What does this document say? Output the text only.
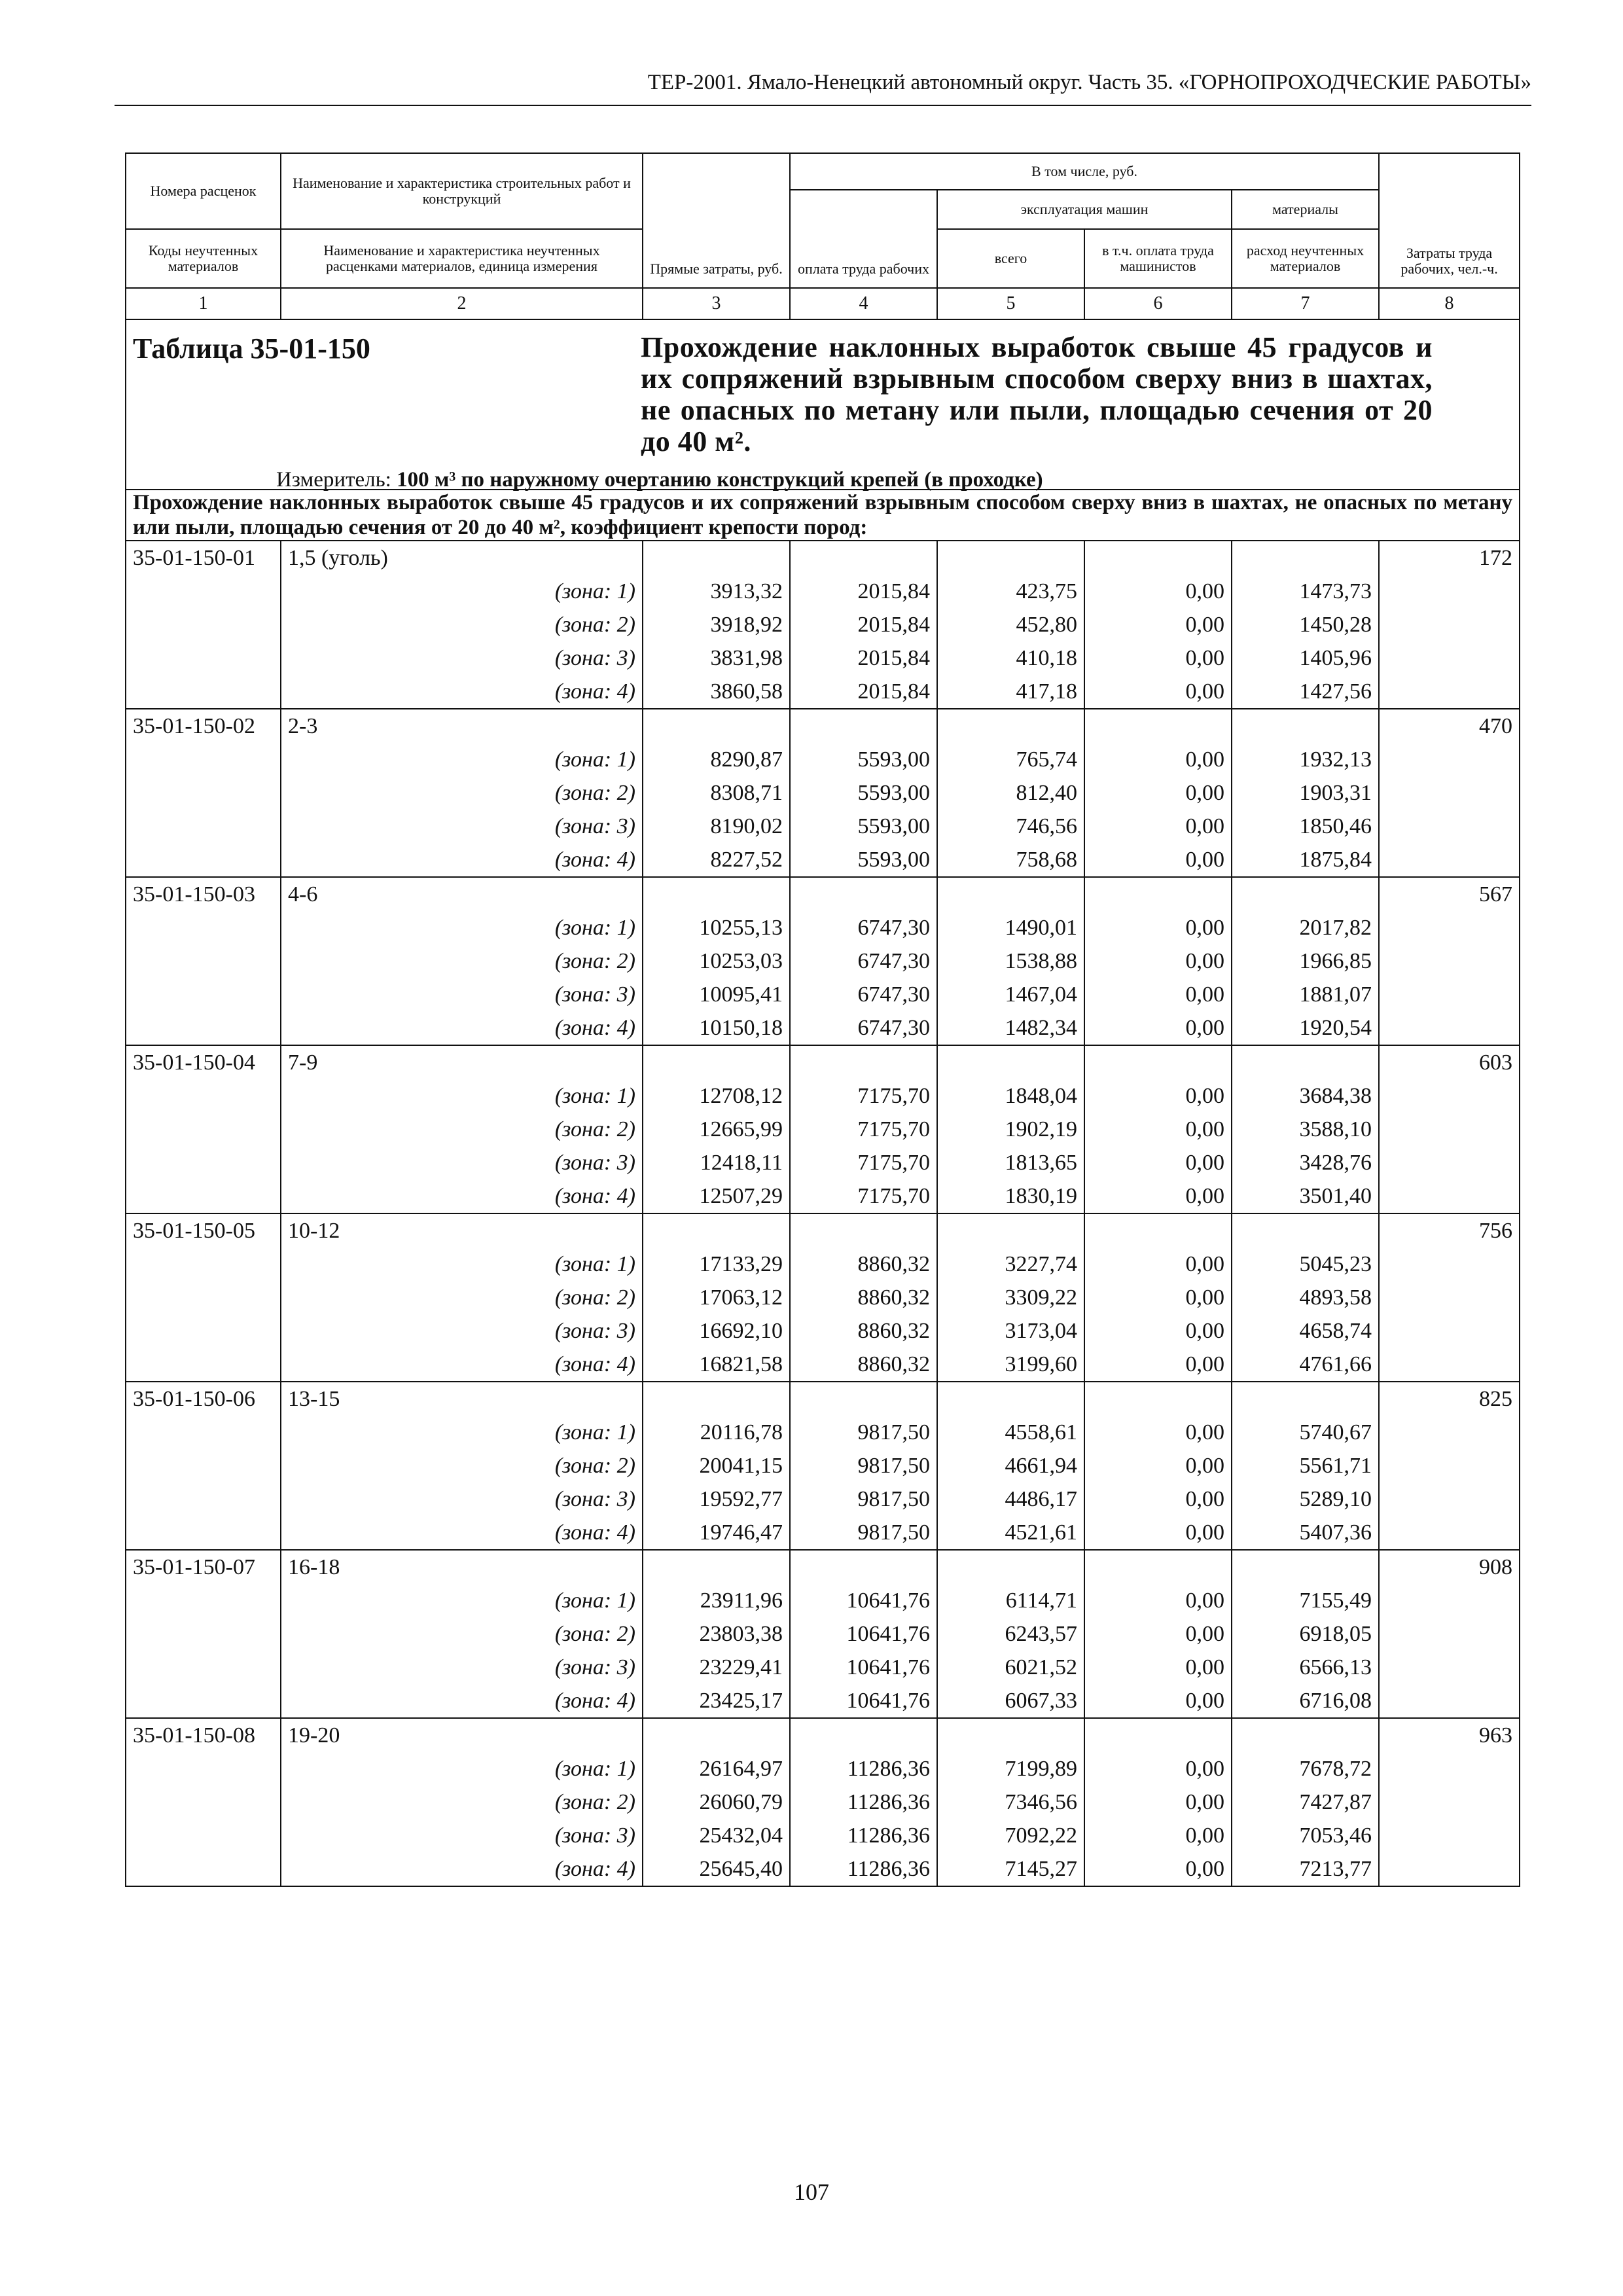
ТЕР-2001. Ямало-Ненецкий автономный округ. Часть 35. «ГОРНОПРОХОДЧЕСКИЕ РАБОТЫ»
Номера расценок	Наименование и характеристика строительных работ и конструкций	Прямые затраты, руб.	В том числе, руб.				Затраты труда рабочих, чел.-ч.
			оплата труда рабочих	эксплуатация машин		материалы	
Коды неучтенных материалов	Наименование и характеристика неучтенных расценками материалов, единица измерения			всего	в т.ч. оплата труда машинистов	расход неучтенных материалов	

1	2	3	4	5	6	7	8

Таблица 35-01-150 Прохождение наклонных выработок свыше 45 градусов и их сопряжений взрывным способом сверху вниз в шахтах, не опасных по метану или пыли, площадью сечения от 20 до 40 м².
Измеритель: 100 м³ по наружному очертанию конструкций крепей (в проходке)							

Прохождение наклонных выработок свыше 45 градусов и их сопряжений взрывным способом сверху вниз в шахтах, не опасных по метану или пыли, площадью сечения от 20 до 40 м², коэффициент крепости пород:							
35-01-150-01	1,5 (уголь)						172
	(зона: 1)	3913,32	2015,84	423,75	0,00	1473,73	
	(зона: 2)	3918,92	2015,84	452,80	0,00	1450,28	
	(зона: 3)	3831,98	2015,84	410,18	0,00	1405,96	
	(зона: 4)	3860,58	2015,84	417,18	0,00	1427,56	
35-01-150-02	2-3						470
	(зона: 1)	8290,87	5593,00	765,74	0,00	1932,13	
	(зона: 2)	8308,71	5593,00	812,40	0,00	1903,31	
	(зона: 3)	8190,02	5593,00	746,56	0,00	1850,46	
	(зона: 4)	8227,52	5593,00	758,68	0,00	1875,84	
35-01-150-03	4-6						567
	(зона: 1)	10255,13	6747,30	1490,01	0,00	2017,82	
	(зона: 2)	10253,03	6747,30	1538,88	0,00	1966,85	
	(зона: 3)	10095,41	6747,30	1467,04	0,00	1881,07	
	(зона: 4)	10150,18	6747,30	1482,34	0,00	1920,54	
35-01-150-04	7-9						603
	(зона: 1)	12708,12	7175,70	1848,04	0,00	3684,38	
	(зона: 2)	12665,99	7175,70	1902,19	0,00	3588,10	
	(зона: 3)	12418,11	7175,70	1813,65	0,00	3428,76	
	(зона: 4)	12507,29	7175,70	1830,19	0,00	3501,40	
35-01-150-05	10-12						756
	(зона: 1)	17133,29	8860,32	3227,74	0,00	5045,23	
	(зона: 2)	17063,12	8860,32	3309,22	0,00	4893,58	
	(зона: 3)	16692,10	8860,32	3173,04	0,00	4658,74	
	(зона: 4)	16821,58	8860,32	3199,60	0,00	4761,66	
35-01-150-06	13-15						825
	(зона: 1)	20116,78	9817,50	4558,61	0,00	5740,67	
	(зона: 2)	20041,15	9817,50	4661,94	0,00	5561,71	
	(зона: 3)	19592,77	9817,50	4486,17	0,00	5289,10	
	(зона: 4)	19746,47	9817,50	4521,61	0,00	5407,36	
35-01-150-07	16-18						908
	(зона: 1)	23911,96	10641,76	6114,71	0,00	7155,49	
	(зона: 2)	23803,38	10641,76	6243,57	0,00	6918,05	
	(зона: 3)	23229,41	10641,76	6021,52	0,00	6566,13	
	(зона: 4)	23425,17	10641,76	6067,33	0,00	6716,08	
35-01-150-08	19-20						963
	(зона: 1)	26164,97	11286,36	7199,89	0,00	7678,72	
	(зона: 2)	26060,79	11286,36	7346,56	0,00	7427,87	
	(зона: 3)	25432,04	11286,36	7092,22	0,00	7053,46	
	(зона: 4)	25645,40	11286,36	7145,27	0,00	7213,77	
107
